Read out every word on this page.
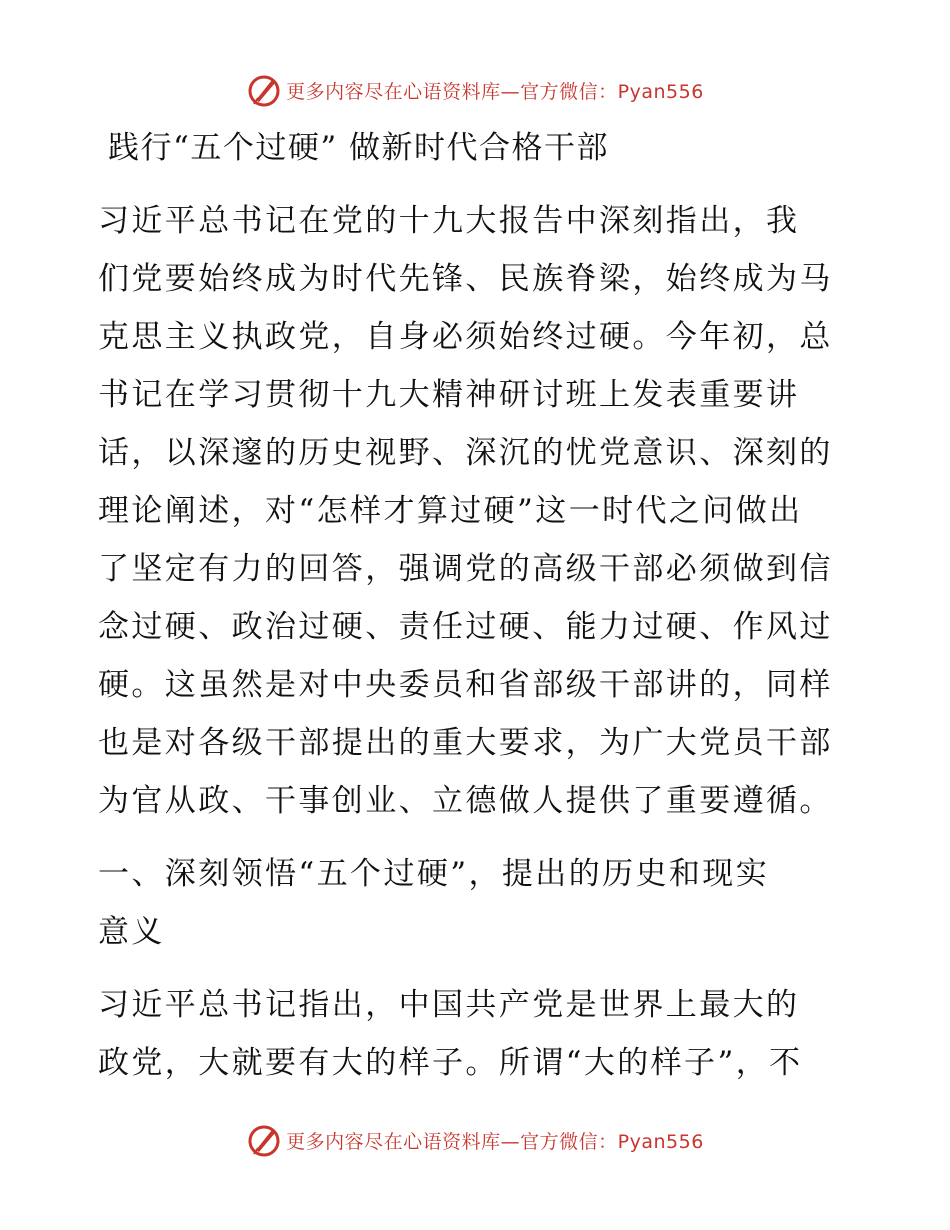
更多内容尽在心语资料库—官方微信：Pyan556
践行“五个过硬” 做新时代合格干部
习近平总书记在党的十九大报告中深刻指出，我
们党要始终成为时代先锋、民族脊梁，始终成为马
克思主义执政党，自身必须始终过硬。今年初，总
书记在学习贯彻十九大精神研讨班上发表重要讲
话，以深邃的历史视野、深沉的忧党意识、深刻的
理论阐述，对“怎样才算过硬”这一时代之问做出
了坚定有力的回答，强调党的高级干部必须做到信
念过硬、政治过硬、责任过硬、能力过硬、作风过
硬。这虽然是对中央委员和省部级干部讲的，同样
也是对各级干部提出的重大要求，为广大党员干部
为官从政、干事创业、立德做人提供了重要遵循。
一、深刻领悟“五个过硬”，提出的历史和现实
意义
习近平总书记指出，中国共产党是世界上最大的
政党，大就要有大的样子。所谓“大的样子”，不
更多内容尽在心语资料库—官方微信：Pyan556
